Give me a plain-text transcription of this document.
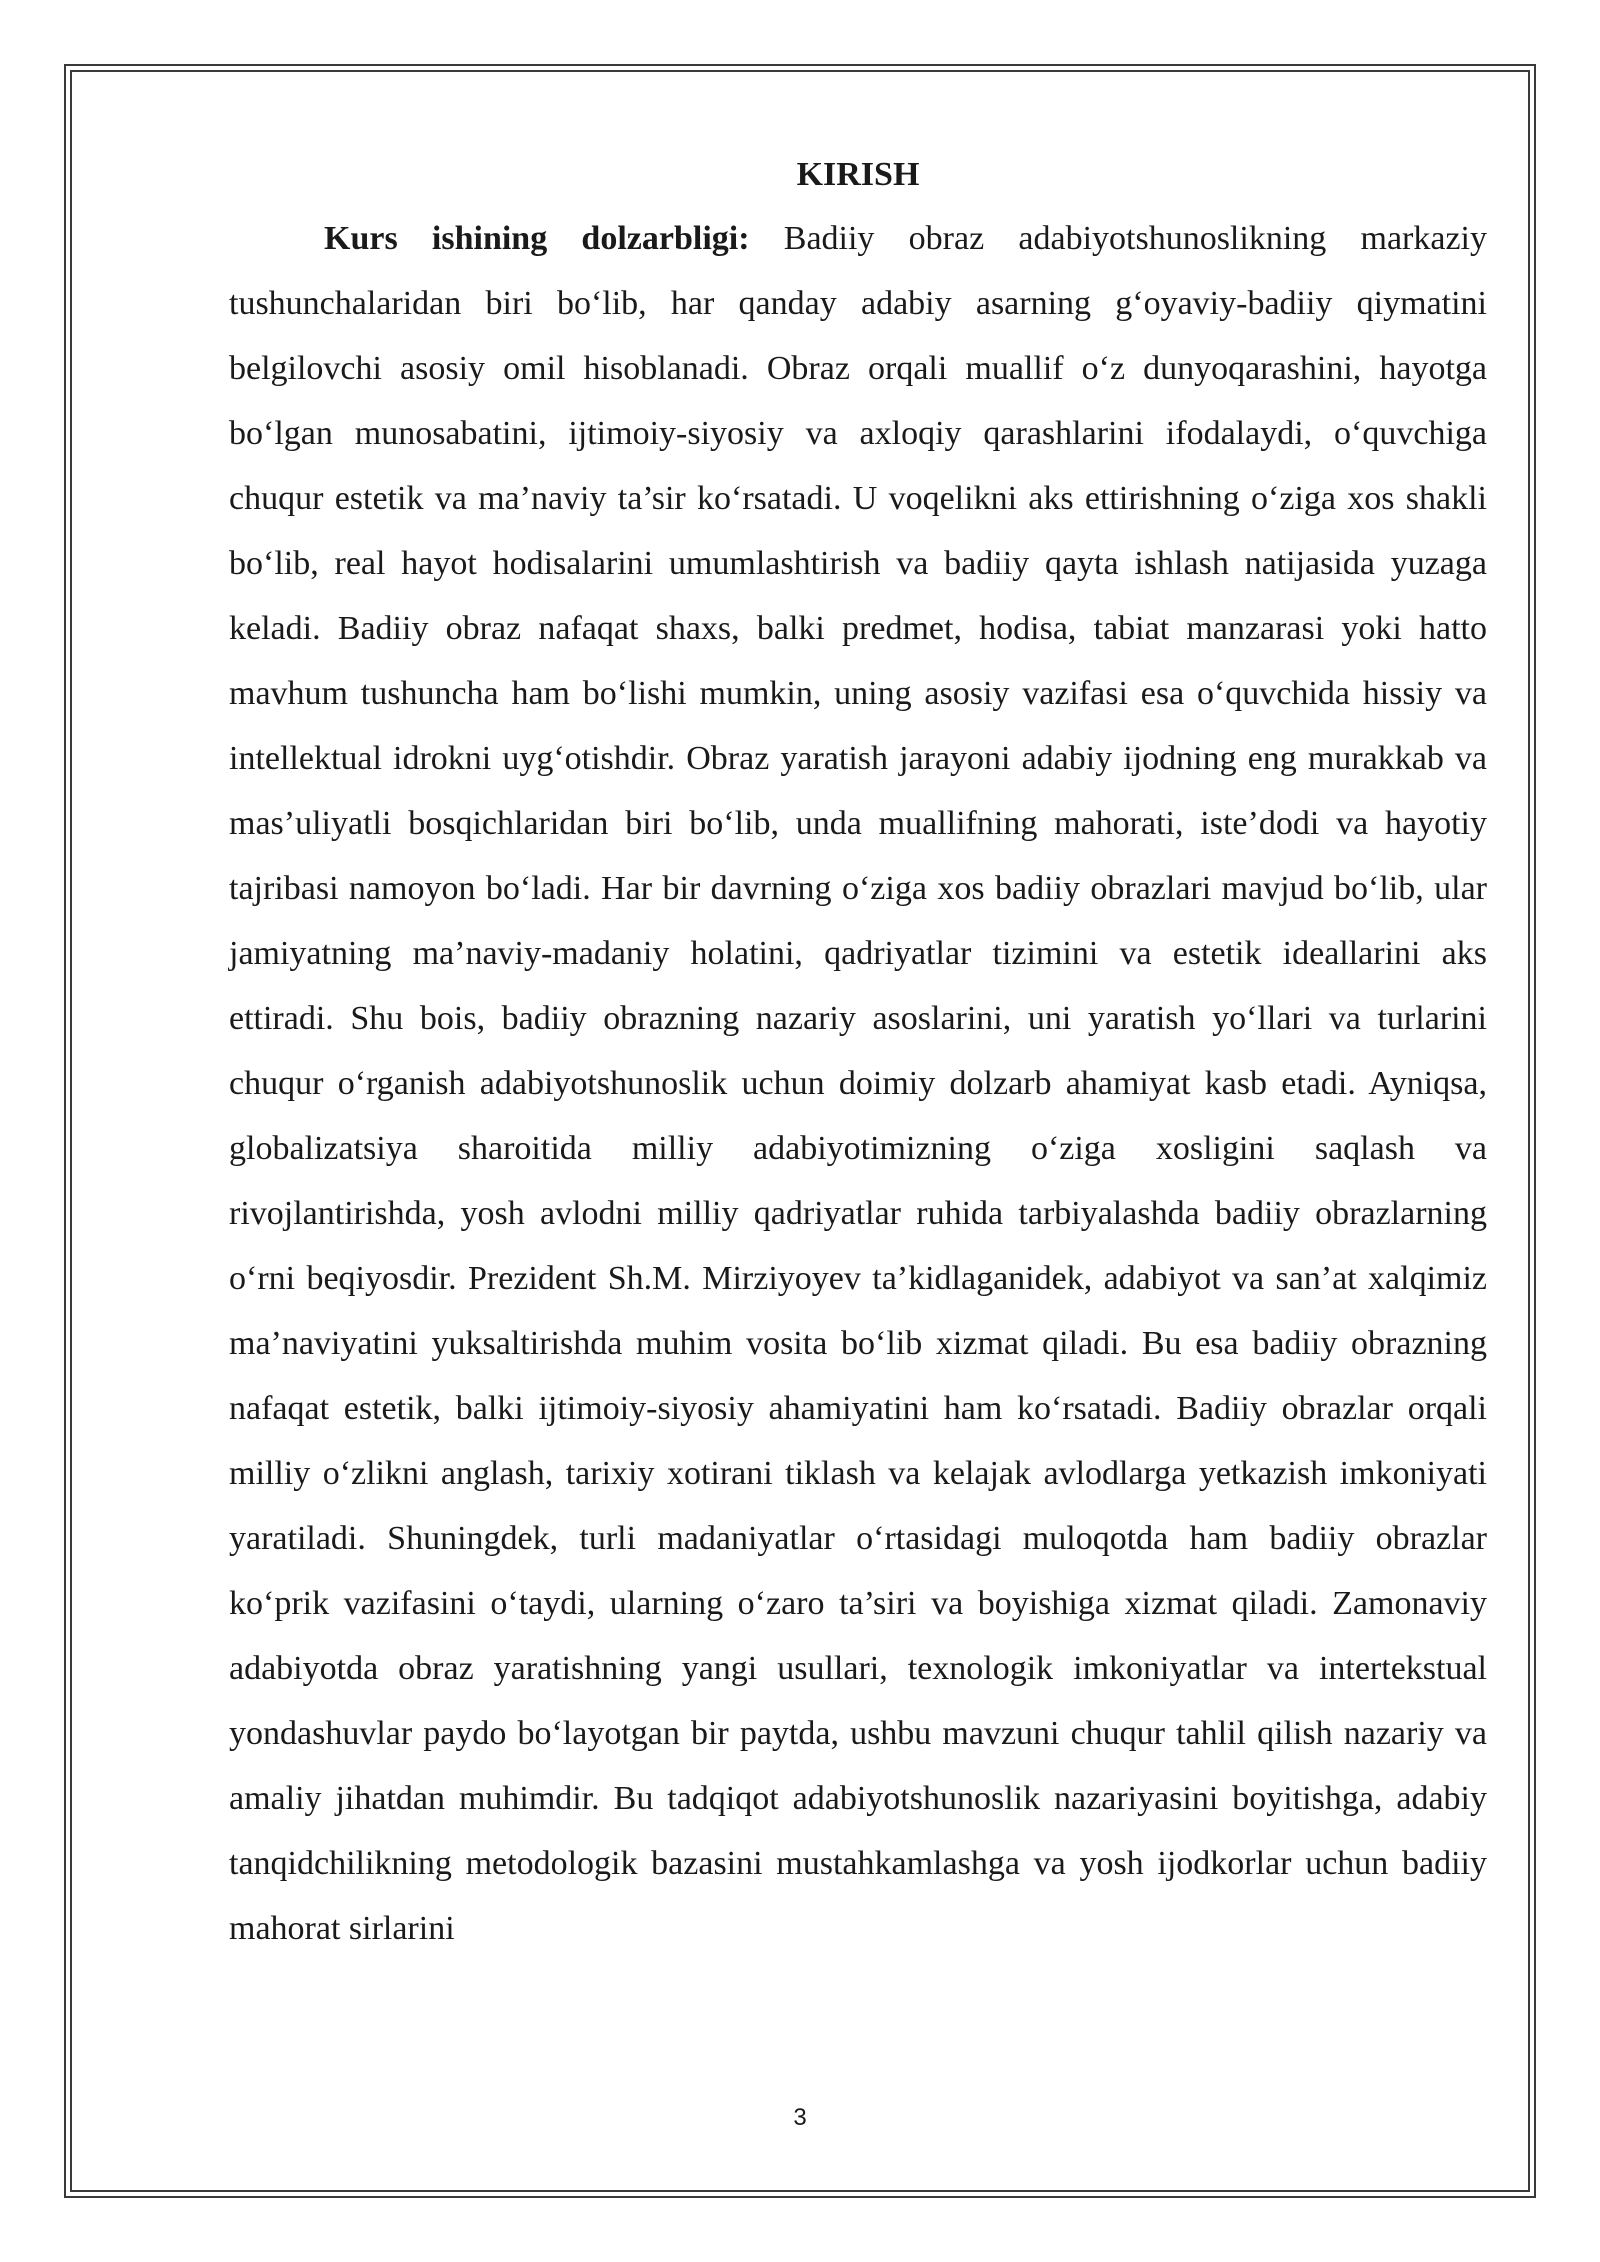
KIRISH

Kurs ishining dolzarbligi: Badiiy obraz adabiyotshunoslikning markaziy tushunchalaridan biri bo‘lib, har qanday adabiy asarning g‘oyaviy-badiiy qiymatini belgilovchi asosiy omil hisoblanadi. Obraz orqali muallif o‘z dunyoqarashini, hayotga bo‘lgan munosabatini, ijtimoiy-siyosiy va axloqiy qarashlarini ifodalaydi, o‘quvchiga chuqur estetik va ma’naviy ta’sir ko‘rsatadi. U voqelikni aks ettirishning o‘ziga xos shakli bo‘lib, real hayot hodisalarini umumlashtirish va badiiy qayta ishlash natijasida yuzaga keladi. Badiiy obraz nafaqat shaxs, balki predmet, hodisa, tabiat manzarasi yoki hatto mavhum tushuncha ham bo‘lishi mumkin, uning asosiy vazifasi esa o‘quvchida hissiy va intellektual idrokni uyg‘otishdir. Obraz yaratish jarayoni adabiy ijodning eng murakkab va mas’uliyatli bosqichlaridan biri bo‘lib, unda muallifning mahorati, iste’dodi va hayotiy tajribasi namoyon bo‘ladi. Har bir davrning o‘ziga xos badiiy obrazlari mavjud bo‘lib, ular jamiyatning ma’naviy-madaniy holatini, qadriyatlar tizimini va estetik ideallarini aks ettiradi. Shu bois, badiiy obrazning nazariy asoslarini, uni yaratish yo‘llari va turlarini chuqur o‘rganish adabiyotshunoslik uchun doimiy dolzarb ahamiyat kasb etadi. Ayniqsa, globalizatsiya sharoitida milliy adabiyotimizning o‘ziga xosligini saqlash va rivojlantirishda, yosh avlodni milliy qadriyatlar ruhida tarbiyalashda badiiy obrazlarning o‘rni beqiyosdir. Prezident Sh.M. Mirziyoyev ta’kidlaganidek, adabiyot va san’at xalqimiz ma’naviyatini yuksaltirishda muhim vosita bo‘lib xizmat qiladi. Bu esa badiiy obrazning nafaqat estetik, balki ijtimoiy-siyosiy ahamiyatini ham ko‘rsatadi. Badiiy obrazlar orqali milliy o‘zlikni anglash, tarixiy xotirani tiklash va kelajak avlodlarga yetkazish imkoniyati yaratiladi. Shuningdek, turli madaniyatlar o‘rtasidagi muloqotda ham badiiy obrazlar ko‘prik vazifasini o‘taydi, ularning o‘zaro ta’siri va boyishiga xizmat qiladi. Zamonaviy adabiyotda obraz yaratishning yangi usullari, texnologik imkoniyatlar va intertekstual yondashuvlar paydo bo‘layotgan bir paytda, ushbu mavzuni chuqur tahlil qilish nazariy va amaliy jihatdan muhimdir. Bu tadqiqot adabiyotshunoslik nazariyasini boyitishga, adabiy tanqidchilikning metodologik bazasini mustahkamlashga va yosh ijodkorlar uchun badiiy mahorat sirlarini

3
